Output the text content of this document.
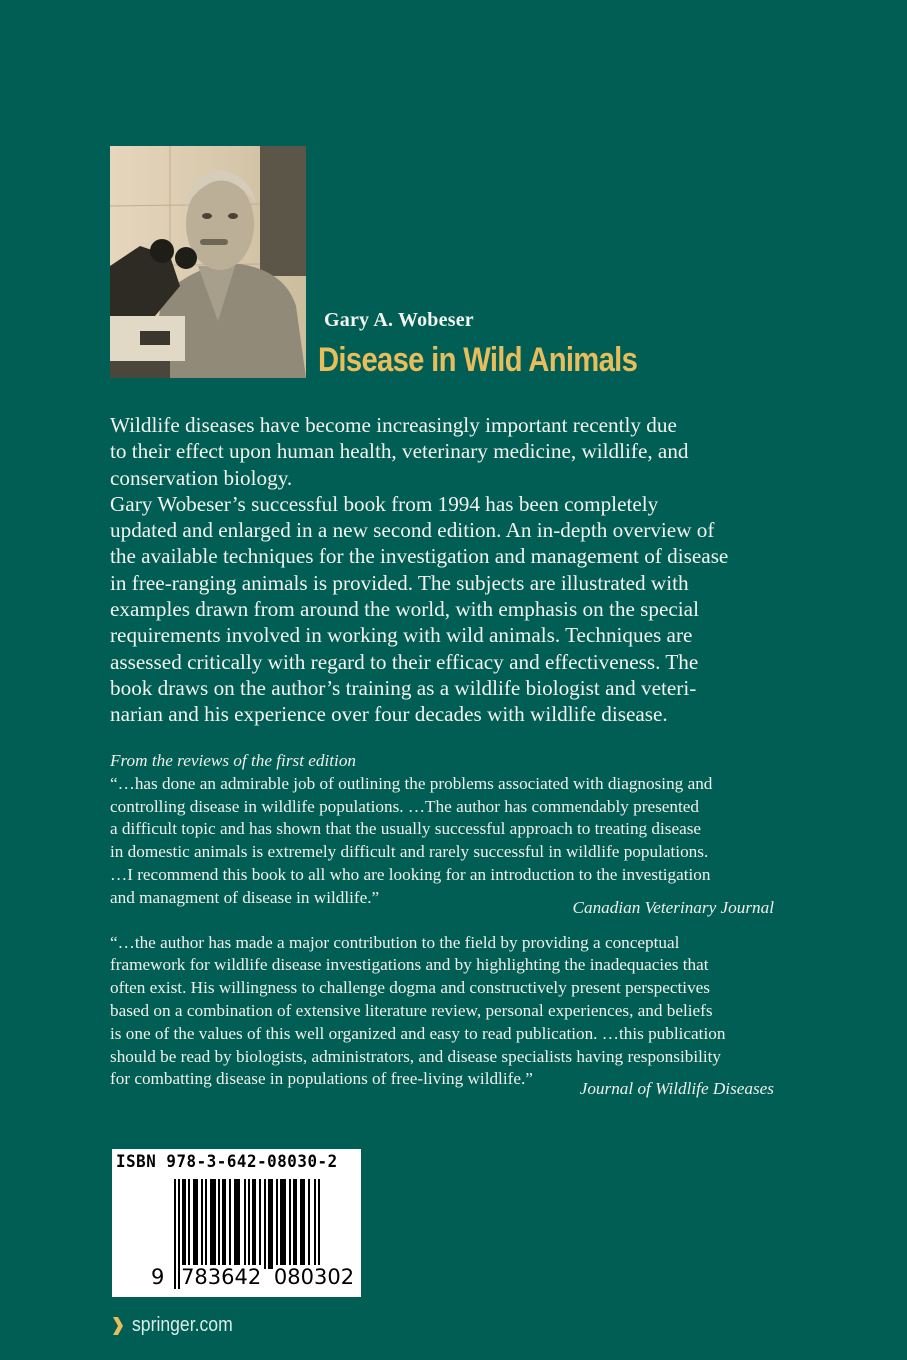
Gary A. Wobeser
Disease in Wild Animals

Wildlife diseases have become increasingly important recently due
to their effect upon human health, veterinary medicine, wildlife, and
conservation biology.

Gary Wobeser’s successful book from 1994 has been completely
updated and enlarged in a new second edition. An in-depth overview of
the available techniques for the investigation and management of disease
in free-ranging animals is provided. The subjects are illustrated with
examples drawn from around the world, with emphasis on the special
requirements involved in working with wild animals. Techniques are
assessed critically with regard to their efficacy and effectiveness. The
book draws on the author’s training as a wildlife biologist and veteri-
narian and his experience over four decades with wildlife disease.

From the reviews of the first edition
“…has done an admirable job of outlining the problems associated with diagnosing and
controlling disease in wildlife populations. …The author has commendably presented
a difficult topic and has shown that the usually successful approach to treating disease
in domestic animals is extremely difficult and rarely successful in wildlife populations.
…I recommend this book to all who are looking for an introduction to the investigation
and managment of disease in wildlife.”
Canadian Veterinary Journal
“…the author has made a major contribution to the field by providing a conceptual
framework for wildlife disease investigations and by highlighting the inadequacies that
often exist. His willingness to challenge dogma and constructively present perspectives
based on a combination of extensive literature review, personal experiences, and beliefs
is one of the values of this well organized and easy to read publication. …this publication
should be read by biologists, administrators, and disease specialists having responsibility
for combatting disease in populations of free-living wildlife.”
Journal of Wildlife Diseases
ISBN 978-3-642-08030-2
9 783642 080302
springer.com
